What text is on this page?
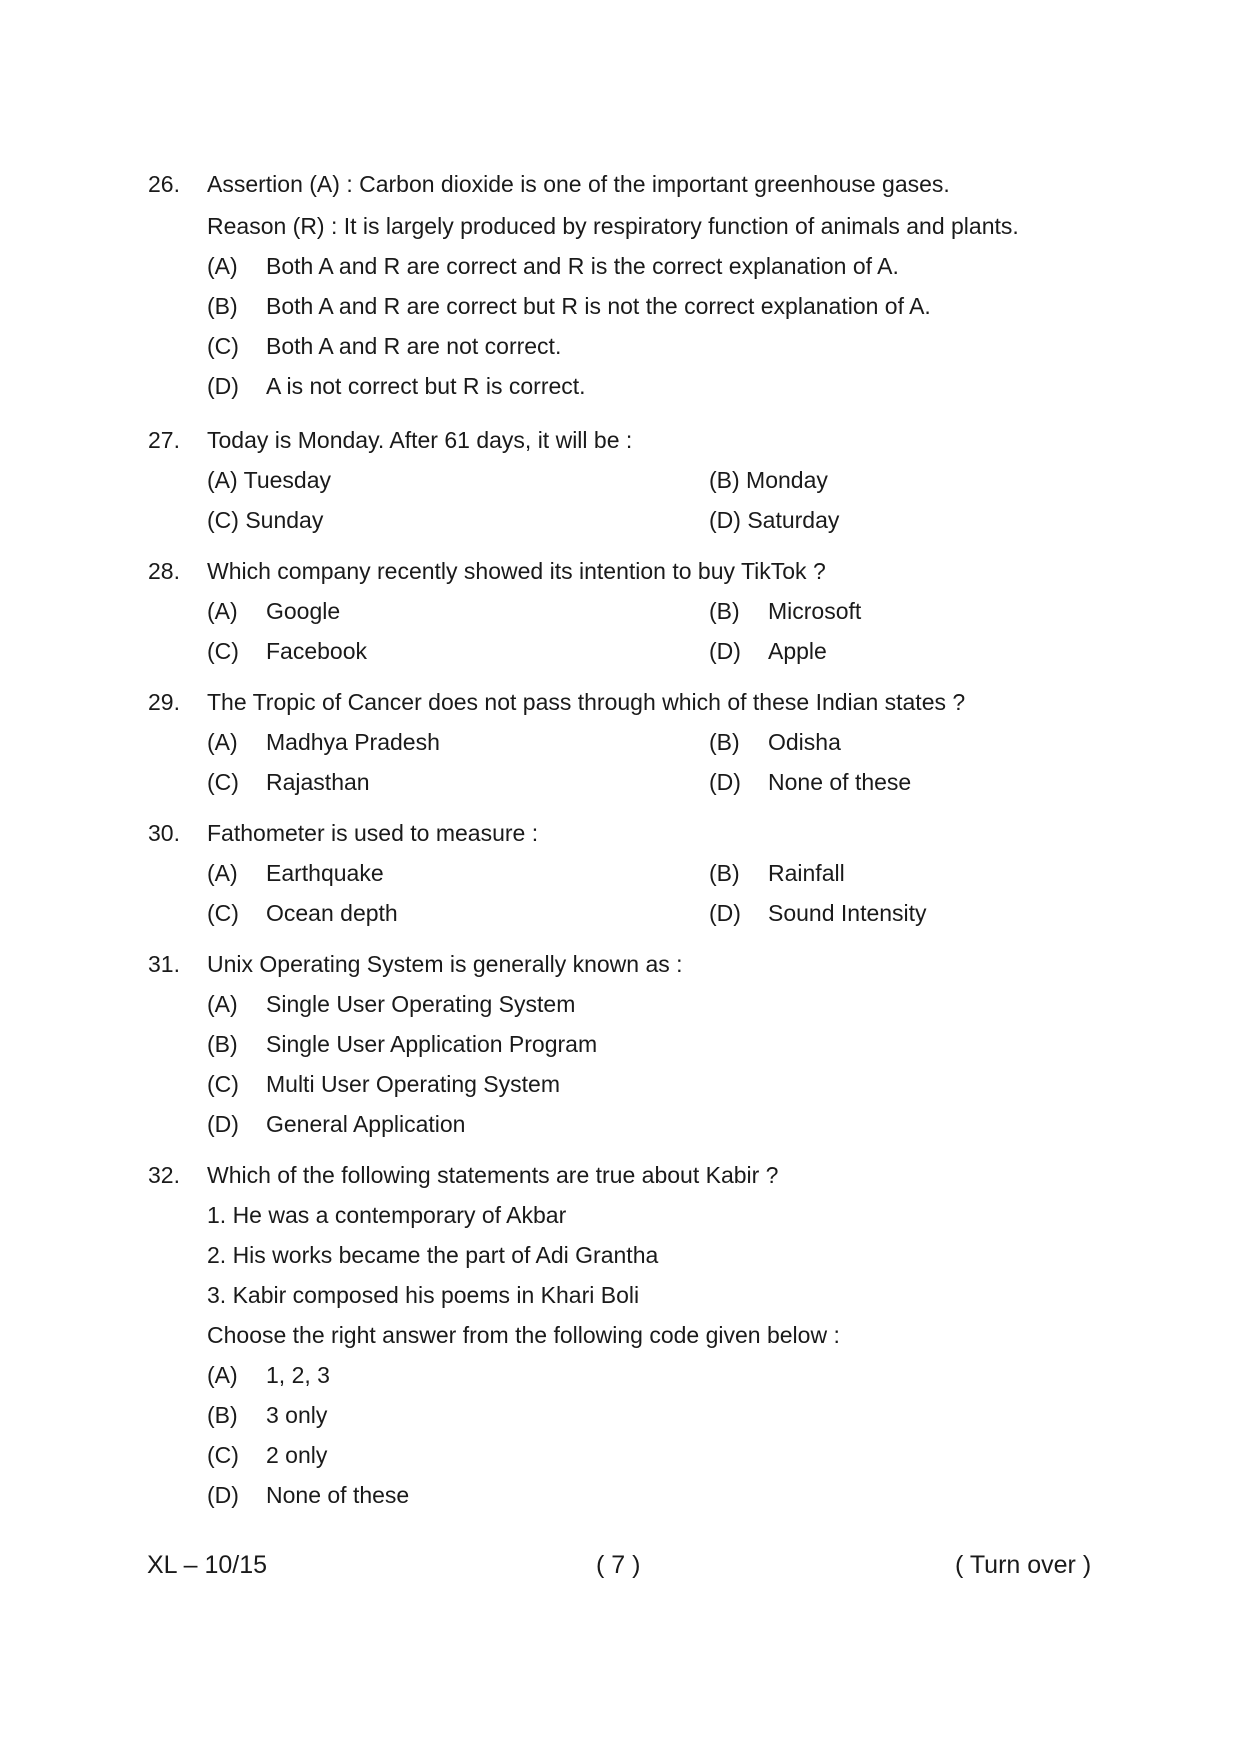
26.	Assertion (A) : Carbon dioxide is one of the important greenhouse gases.
Reason (R) : It is largely produced by respiratory function of animals and plants.
(A) Both A and R are correct and R is the correct explanation of A.
(B) Both A and R are correct but R is not the correct explanation of A.
(C) Both A and R are not correct.
(D) A is not correct but R is correct.
27.	Today is Monday. After 61 days, it will be :
(A) Tuesday	(B) Monday
(C) Sunday	(D) Saturday
28.	Which company recently showed its intention to buy TikTok ?
(A) Google	(B) Microsoft
(C) Facebook	(D) Apple
29.	The Tropic of Cancer does not pass through which of these Indian states ?
(A) Madhya Pradesh	(B) Odisha
(C) Rajasthan	(D) None of these
30.	Fathometer is used to measure :
(A) Earthquake	(B) Rainfall
(C) Ocean depth	(D) Sound Intensity
31.	Unix Operating System is generally known as :
(A) Single User Operating System
(B) Single User Application Program
(C) Multi User Operating System
(D) General Application
32.	Which of the following statements are true about Kabir ?
1. He was a contemporary of Akbar
2. His works became the part of Adi Grantha
3. Kabir composed his poems in Khari Boli
Choose the right answer from the following code given below :
(A) 1, 2, 3
(B) 3 only
(C) 2 only
(D) None of these
XL – 10/15	( 7 )	( Turn over )
